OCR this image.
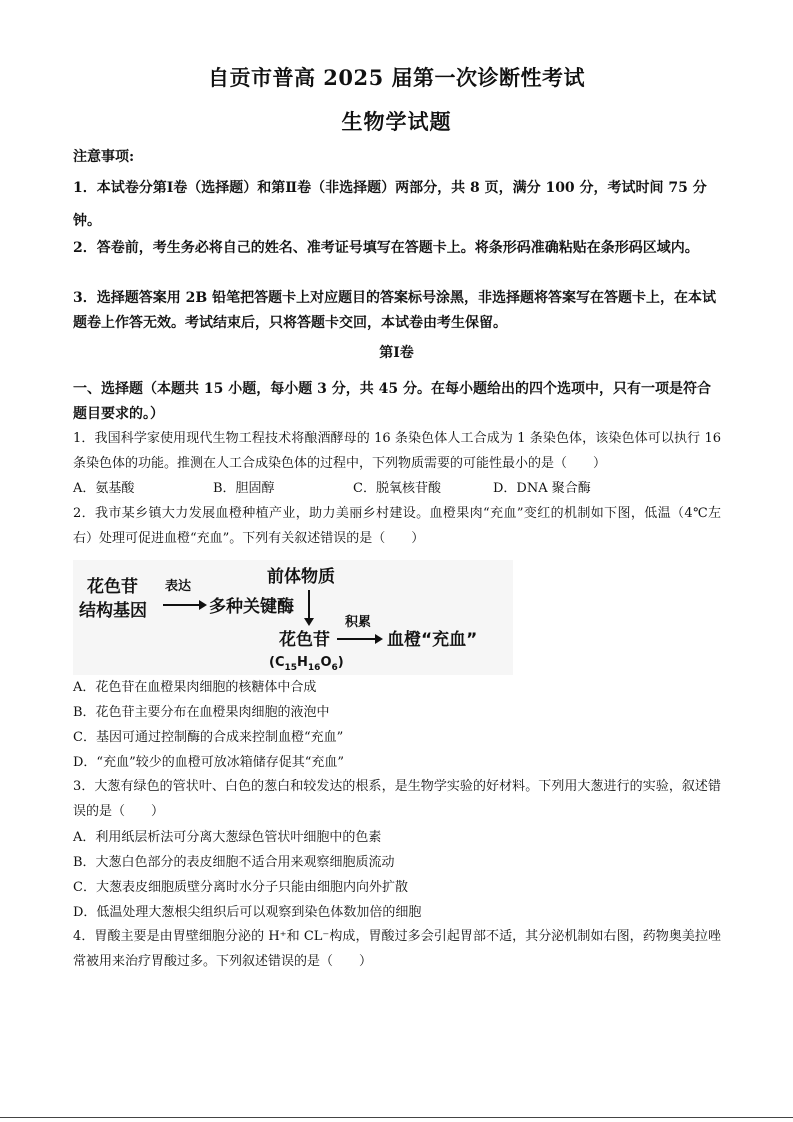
自贡市普高 2025 届第一次诊断性考试
生物学试题
注意事项:
1．本试卷分第Ⅰ卷（选择题）和第Ⅱ卷（非选择题）两部分，共 8 页，满分 100 分，考试时间 75 分钟。
2．答卷前，考生务必将自己的姓名、准考证号填写在答题卡上。将条形码准确粘贴在条形码区域内。
3．选择题答案用 2B 铅笔把答题卡上对应题目的答案标号涂黑，非选择题将答案写在答题卡上，在本试题卷上作答无效。考试结束后，只将答题卡交回，本试卷由考生保留。
第Ⅰ卷
一、选择题（本题共 15 小题，每小题 3 分，共 45 分。在每小题给出的四个选项中，只有一项是符合题目要求的。）
1．我国科学家使用现代生物工程技术将酿酒酵母的 16 条染色体人工合成为 1 条染色体，该染色体可以执行 16 条染色体的功能。推测在人工合成染色体的过程中，下列物质需要的可能性最小的是（　　）
A．氨基酸	B．胆固醇	C．脱氧核苷酸	D．DNA 聚合酶
2．我市某乡镇大力发展血橙种植产业，助力美丽乡村建设。血橙果肉“充血”变红的机制如下图，低温（4℃左右）处理可促进血橙“充血”。下列有关叙述错误的是（　　）
花色苷
结构基因
表达
多种关键酶
前体物质
花色苷
$(C_{15}H_{16}O_6)$
积累
血橙“充血”
A．花色苷在血橙果肉细胞的核糖体中合成
B．花色苷主要分布在血橙果肉细胞的液泡中
C．基因可通过控制酶的合成来控制血橙“充血”
D．“充血”较少的血橙可放冰箱储存促其“充血”
3．大葱有绿色的管状叶、白色的葱白和较发达的根系，是生物学实验的好材料。下列用大葱进行的实验，叙述错误的是（　　）
A．利用纸层析法可分离大葱绿色管状叶细胞中的色素
B．大葱白色部分的表皮细胞不适合用来观察细胞质流动
C．大葱表皮细胞质壁分离时水分子只能由细胞内向外扩散
D．低温处理大葱根尖组织后可以观察到染色体数加倍的细胞
4．胃酸主要是由胃壁细胞分泌的 H⁺和 CL⁻构成，胃酸过多会引起胃部不适，其分泌机制如右图，药物奥美拉唑常被用来治疗胃酸过多。下列叙述错误的是（　　）
